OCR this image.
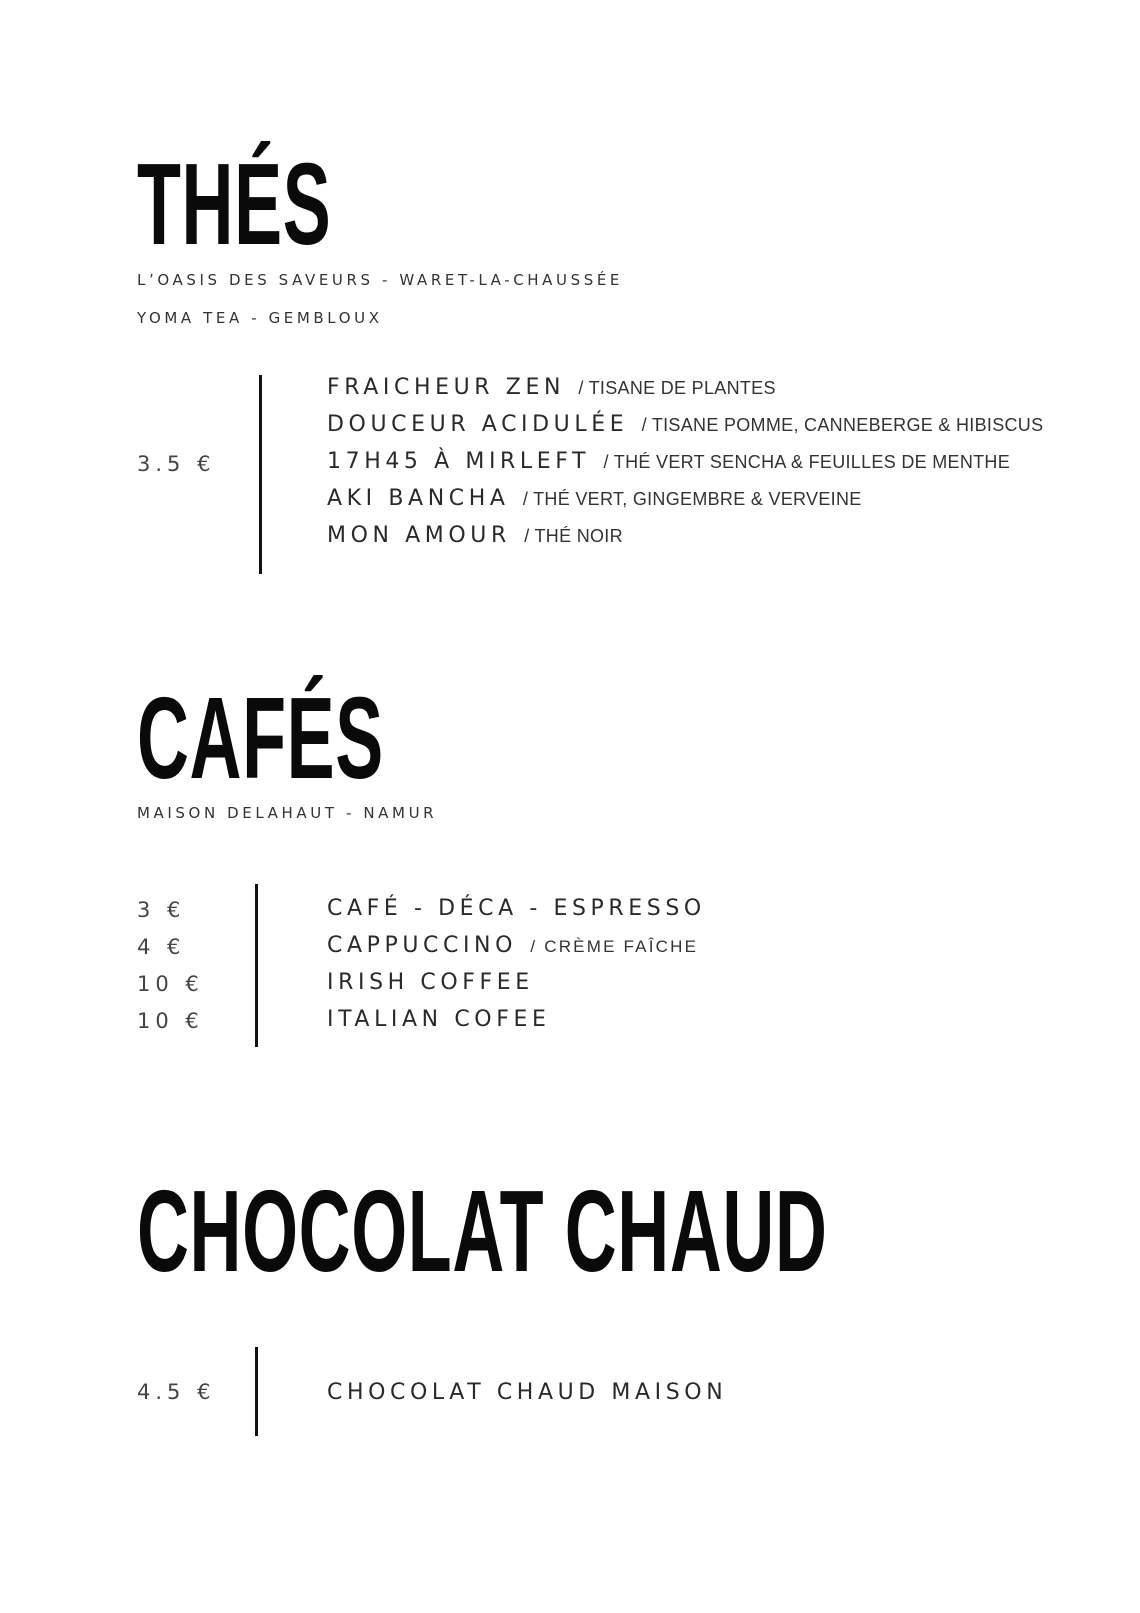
THÉS

L’OASIS DES SAVEURS - WARET-LA-CHAUSSÉE

YOMA TEA - GEMBLOUX

3.5 €

FRAICHEUR ZEN / TISANE DE PLANTES

DOUCEUR ACIDULÉE / TISANE POMME, CANNEBERGE & HIBISCUS

17H45 À MIRLEFT / THÉ VERT SENCHA & FEUILLES DE MENTHE

AKI BANCHA / THÉ VERT, GINGEMBRE & VERVEINE

MON AMOUR / THÉ NOIR

CAFÉS

MAISON DELAHAUT - NAMUR

3 €

4 €

10 €

10 €

CAFÉ - DÉCA - ESPRESSO

CAPPUCCINO / CRÈME FAÎCHE

IRISH COFFEE

ITALIAN COFEE

CHOCOLAT CHAUD

4.5 €	CHOCOLAT CHAUD MAISON
